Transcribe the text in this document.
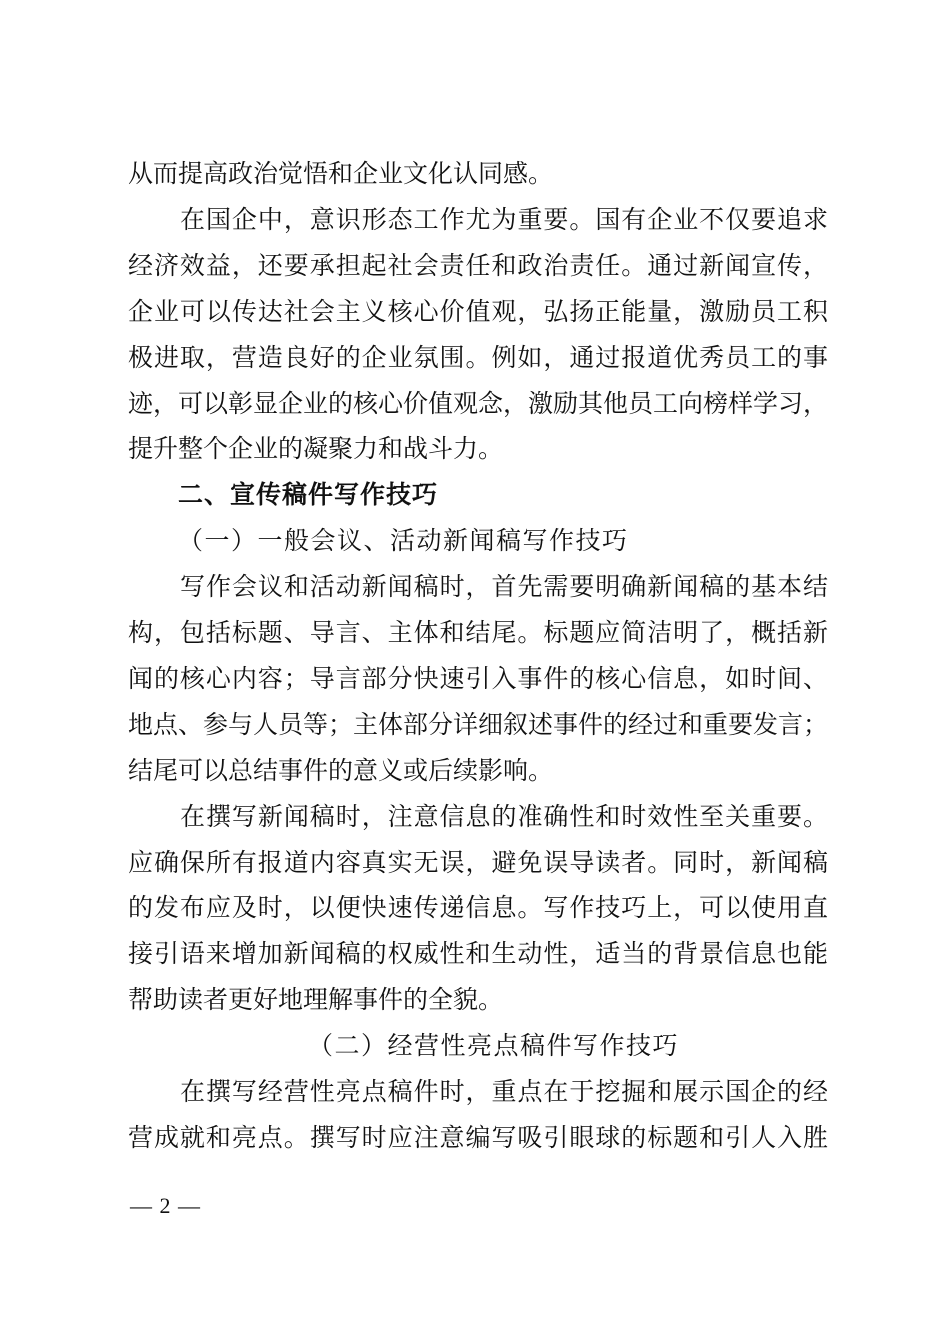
从而提高政治觉悟和企业文化认同感。
在国企中，意识形态工作尤为重要。国有企业不仅要追求
经济效益，还要承担起社会责任和政治责任。通过新闻宣传，
企业可以传达社会主义核心价值观，弘扬正能量，激励员工积
极进取，营造良好的企业氛围。例如，通过报道优秀员工的事
迹，可以彰显企业的核心价值观念，激励其他员工向榜样学习，
提升整个企业的凝聚力和战斗力。
二、宣传稿件写作技巧
（一）一般会议、活动新闻稿写作技巧
写作会议和活动新闻稿时，首先需要明确新闻稿的基本结
构，包括标题、导言、主体和结尾。标题应简洁明了，概括新
闻的核心内容；导言部分快速引入事件的核心信息，如时间、
地点、参与人员等；主体部分详细叙述事件的经过和重要发言；
结尾可以总结事件的意义或后续影响。
在撰写新闻稿时，注意信息的准确性和时效性至关重要。
应确保所有报道内容真实无误，避免误导读者。同时，新闻稿
的发布应及时，以便快速传递信息。写作技巧上，可以使用直
接引语来增加新闻稿的权威性和生动性，适当的背景信息也能
帮助读者更好地理解事件的全貌。
（二）经营性亮点稿件写作技巧
在撰写经营性亮点稿件时，重点在于挖掘和展示国企的经
营成就和亮点。撰写时应注意编写吸引眼球的标题和引人入胜
— 2 —
